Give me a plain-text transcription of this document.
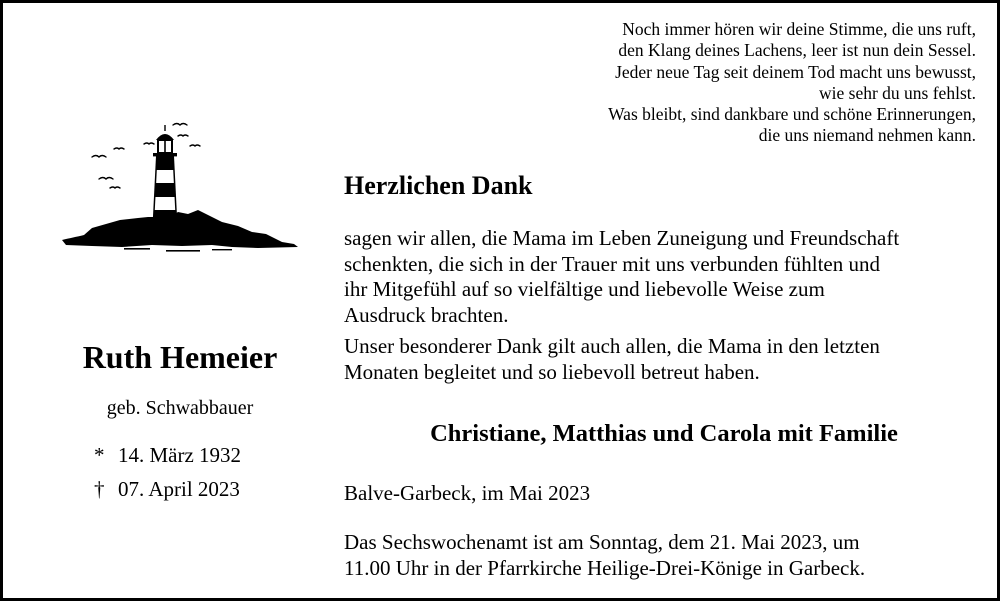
Noch immer hören wir deine Stimme, die uns ruft,
den Klang deines Lachens, leer ist nun dein Sessel.
Jeder neue Tag seit deinem Tod macht uns bewusst,
wie sehr du uns fehlst.
Was bleibt, sind dankbare und schöne Erinnerungen,
die uns niemand nehmen kann.
Ruth Hemeier
geb. Schwabbauer
* 14. März 1932
† 07. April 2023
Herzlichen Dank
sagen wir allen, die Mama im Leben Zuneigung und Freundschaft
schenkten, die sich in der Trauer mit uns verbunden fühlten und
ihr Mitgefühl auf so vielfältige und liebevolle Weise zum
Ausdruck brachten.
Unser besonderer Dank gilt auch allen, die Mama in den letzten
Monaten begleitet und so liebevoll betreut haben.
Christiane, Matthias und Carola mit Familie
Balve-Garbeck, im Mai 2023
Das Sechswochenamt ist am Sonntag, dem 21. Mai 2023, um
11.00 Uhr in der Pfarrkirche Heilige-Drei-Könige in Garbeck.
